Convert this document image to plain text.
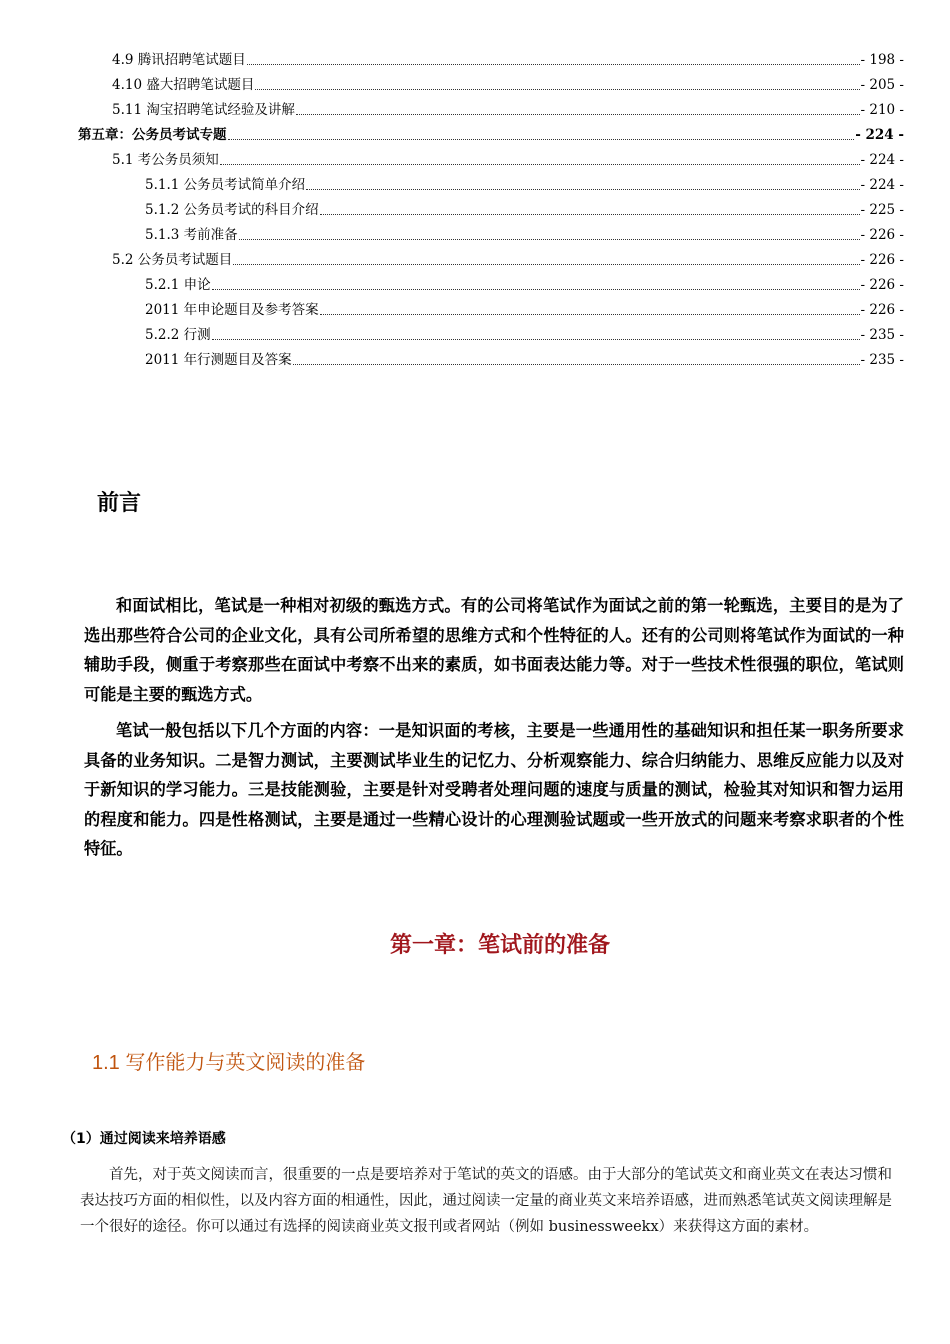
4.9 腾讯招聘笔试题目	- 198 -
4.10 盛大招聘笔试题目	- 205 -
5.11 淘宝招聘笔试经验及讲解	- 210 -
第五章：公务员考试专题	- 224 -
5.1 考公务员须知	- 224 -
5.1.1 公务员考试简单介绍	- 224 -
5.1.2 公务员考试的科目介绍	- 225 -
5.1.3 考前准备	- 226 -
5.2 公务员考试题目	- 226 -
5.2.1 申论	- 226 -
2011 年申论题目及参考答案	- 226 -
5.2.2 行测	- 235 -
2011 年行测题目及答案	- 235 -
前言

和面试相比，笔试是一种相对初级的甄选方式。有的公司将笔试作为面试之前的第一轮甄选，主要目的是为了选出那些符合公司的企业文化，具有公司所希望的思维方式和个性特征的人。还有的公司则将笔试作为面试的一种辅助手段，侧重于考察那些在面试中考察不出来的素质，如书面表达能力等。对于一些技术性很强的职位，笔试则可能是主要的甄选方式。

笔试一般包括以下几个方面的内容：一是知识面的考核，主要是一些通用性的基础知识和担任某一职务所要求具备的业务知识。二是智力测试，主要测试毕业生的记忆力、分析观察能力、综合归纳能力、思维反应能力以及对于新知识的学习能力。三是技能测验，主要是针对受聘者处理问题的速度与质量的测试，检验其对知识和智力运用的程度和能力。四是性格测试，主要是通过一些精心设计的心理测验试题或一些开放式的问题来考察求职者的个性特征。

第一章：笔试前的准备
1.1 写作能力与英文阅读的准备
（1）通过阅读来培养语感

首先，对于英文阅读而言，很重要的一点是要培养对于笔试的英文的语感。由于大部分的笔试英文和商业英文在表达习惯和表达技巧方面的相似性，以及内容方面的相通性，因此，通过阅读一定量的商业英文来培养语感，进而熟悉笔试英文阅读理解是一个很好的途径。你可以通过有选择的阅读商业英文报刊或者网站（例如 businessweekx）来获得这方面的素材。
